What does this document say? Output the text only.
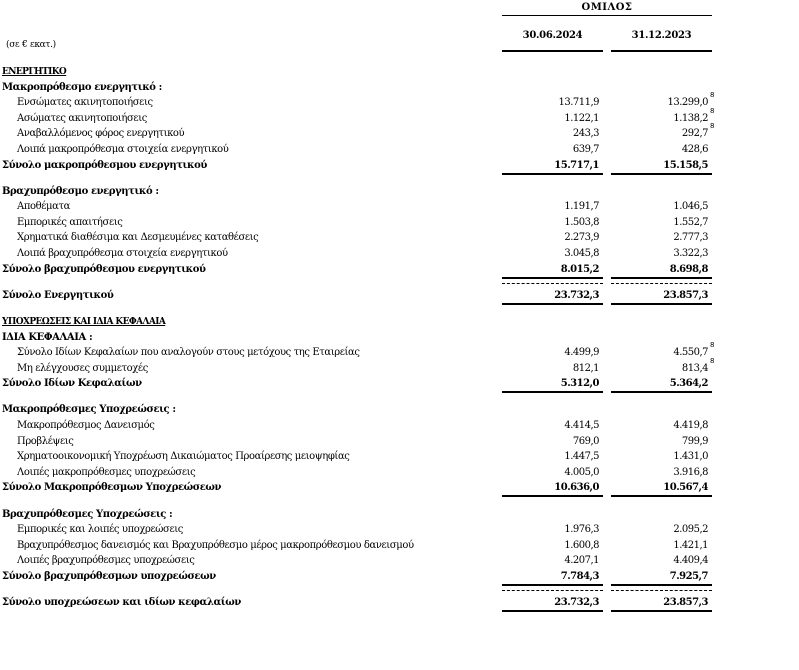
ΟΜΙΛΟΣ
30.06.2024	31.12.2023
(σε € εκατ.)
ΕΝΕΡΓΗΤΙΚΟ
Μακροπρόθεσμο ενεργητικό :
Ενσώματες ακινητοποιήσεις	13.711,9	13.299,0
8
Ασώματες ακινητοποιήσεις	1.122,1	1.138,2
8
Αναβαλλόμενος φόρος ενεργητικού	243,3	292,7
8
Λοιπά μακροπρόθεσμα στοιχεία ενεργητικού	639,7	428,6
Σύνολο μακροπρόθεσμου ενεργητικού	15.717,1	15.158,5
Βραχυπρόθεσμο ενεργητικό :
Αποθέματα	1.191,7	1.046,5
Εμπορικές απαιτήσεις	1.503,8	1.552,7
Χρηματικά διαθέσιμα και Δεσμευμένες καταθέσεις	2.273,9	2.777,3
Λοιπά βραχυπρόθεσμα στοιχεία ενεργητικού	3.045,8	3.322,3
Σύνολο βραχυπρόθεσμου ενεργητικού	8.015,2	8.698,8
Σύνολο Ενεργητικού	23.732,3	23.857,3
ΥΠΟΧΡΕΩΣΕΙΣ ΚΑΙ ΙΔΙΑ ΚΕΦΑΛΑΙΑ
ΙΔΙΑ ΚΕΦΑΛΑΙΑ :
Σύνολο Ιδίων Κεφαλαίων που αναλογούν στους μετόχους της Εταιρείας	4.499,9	4.550,7
8
Μη ελέγχουσες συμμετοχές	812,1	813,4
8
Σύνολο Ιδίων Κεφαλαίων	5.312,0	5.364,2
Μακροπρόθεσμες Υποχρεώσεις :
Μακροπρόθεσμος Δανεισμός	4.414,5	4.419,8
Προβλέψεις	769,0	799,9
Χρηματοοικονομική Υποχρέωση Δικαιώματος Προαίρεσης μειοψηφίας	1.447,5	1.431,0
Λοιπές μακροπρόθεσμες υποχρεώσεις	4.005,0	3.916,8
Σύνολο Μακροπρόθεσμων Υποχρεώσεων	10.636,0	10.567,4
Βραχυπρόθεσμες Υποχρεώσεις :
Εμπορικές και λοιπές υποχρεώσεις	1.976,3	2.095,2
Βραχυπρόθεσμος δανεισμός και Βραχυπρόθεσμο μέρος μακροπρόθεσμου δανεισμού	1.600,8	1.421,1
Λοιπές βραχυπρόθεσμες υποχρεώσεις	4.207,1	4.409,4
Σύνολο βραχυπρόθεσμων υποχρεώσεων	7.784,3	7.925,7
Σύνολο υποχρεώσεων και ιδίων κεφαλαίων	23.732,3	23.857,3
